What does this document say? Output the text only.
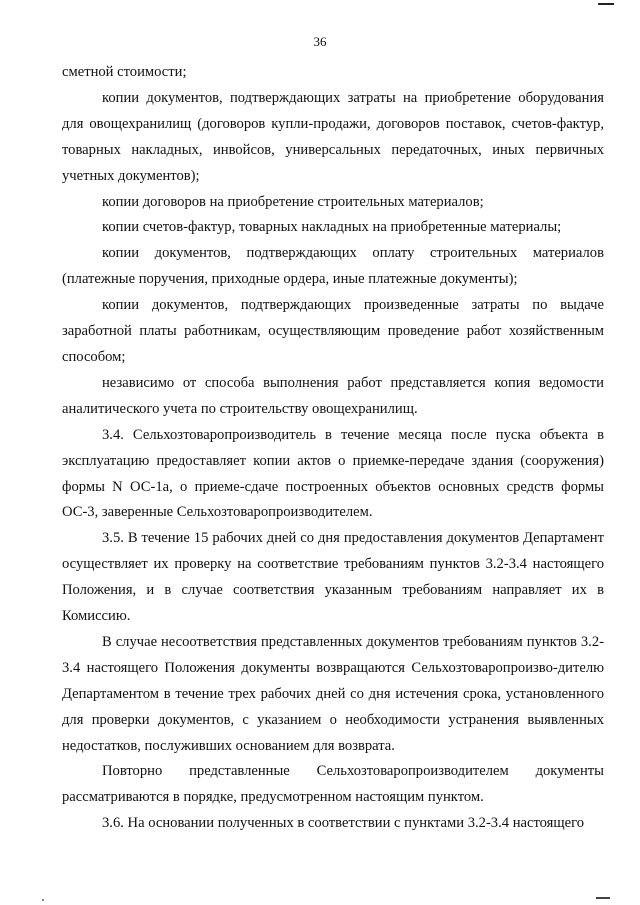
36

сметной стоимости;

копии документов, подтверждающих затраты на приобретение оборудования для овощехранилищ (договоров купли-продажи, договоров поставок, счетов-фактур, товарных накладных, инвойсов, универсальных передаточных, иных первичных учетных документов);

копии договоров на приобретение строительных материалов;

копии счетов-фактур, товарных накладных на приобретенные материалы;

копии документов, подтверждающих оплату строительных материалов (платежные поручения, приходные ордера, иные платежные документы);

копии документов, подтверждающих произведенные затраты по выдаче заработной платы работникам, осуществляющим проведение работ хозяйственным способом;

независимо от способа выполнения работ представляется копия ведомости аналитического учета по строительству овощехранилищ.

3.4. Сельхозтоваропроизводитель в течение месяца после пуска объекта в эксплуатацию предоставляет копии актов о приемке-передаче здания (сооружения) формы N ОС-1а, о приеме-сдаче построенных объектов основных средств формы ОС-3, заверенные Сельхозтоваропроизводителем.

3.5. В течение 15 рабочих дней со дня предоставления документов Департамент осуществляет их проверку на соответствие требованиям пунктов 3.2-3.4 настоящего Положения, и в случае соответствия указанным требованиям направляет их в Комиссию.

В случае несоответствия представленных документов требованиям пунктов 3.2-3.4 настоящего Положения документы возвращаются Сельхозтоваропроизво-дителю Департаментом в течение трех рабочих дней со дня истечения срока, установленного для проверки документов, с указанием о необходимости устранения выявленных недостатков, послуживших основанием для возврата.

Повторно представленные Сельхозтоваропроизводителем документы рассматриваются в порядке, предусмотренном настоящим пунктом.

3.6. На основании полученных в соответствии с пунктами 3.2-3.4 настоящего
